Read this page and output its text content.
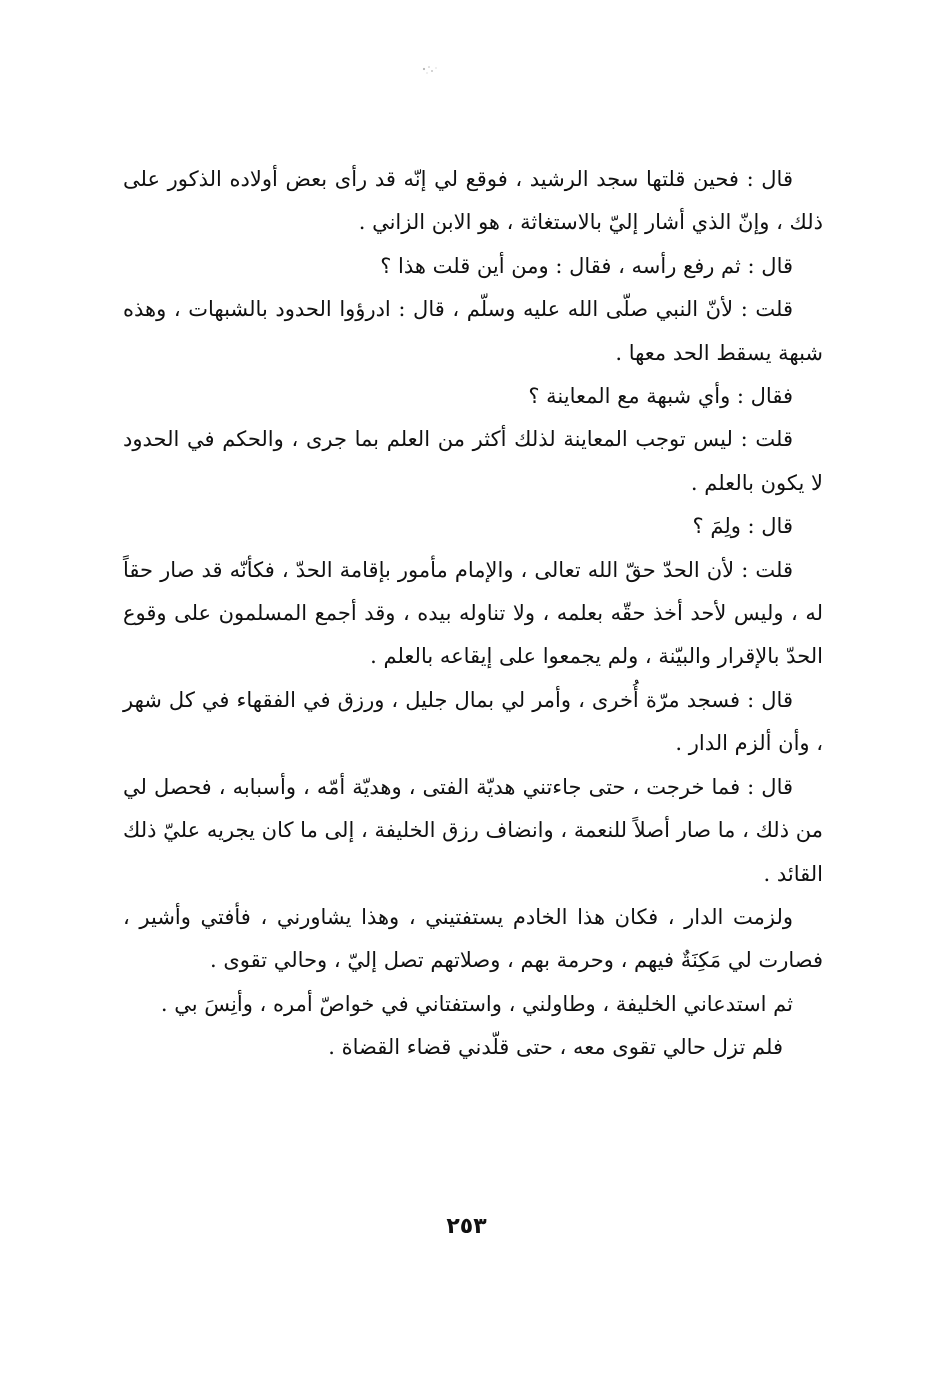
قال : فحين قلتها سجد الرشيد ، فوقع لي إنّه قد رأى بعض أولاده الذكور على ذلك ، وإنّ الذي أشار إليّ بالاستغاثة ، هو الابن الزاني .

قال : ثم رفع رأسه ، فقال : ومن أين قلت هذا ؟

قلت : لأنّ النبي صلّى الله عليه وسلّم ، قال : ادرؤوا الحدود بالشبهات ، وهذه شبهة يسقط الحد معها .

فقال : وأي شبهة مع المعاينة ؟

قلت : ليس توجب المعاينة لذلك أكثر من العلم بما جرى ، والحكم في الحدود لا يكون بالعلم .

قال : ولِمَ ؟

قلت : لأن الحدّ حقّ الله تعالى ، والإمام مأمور بإقامة الحدّ ، فكأنّه قد صار حقاً له ، وليس لأحد أخذ حقّه بعلمه ، ولا تناوله بيده ، وقد أجمع المسلمون على وقوع الحدّ بالإقرار والبيّنة ، ولم يجمعوا على إيقاعه بالعلم .

قال : فسجد مرّة أُخرى ، وأمر لي بمال جليل ، ورزق في الفقهاء في كل شهر ، وأن ألزم الدار .

قال : فما خرجت ، حتى جاءتني هديّة الفتى ، وهديّة أمّه ، وأسبابه ، فحصل لي من ذلك ، ما صار أصلاً للنعمة ، وانضاف رزق الخليفة ، إلى ما كان يجريه عليّ ذلك القائد .

ولزمت الدار ، فكان هذا الخادم يستفتيني ، وهذا يشاورني ، فأفتي وأشير ، فصارت لي مَكِنَةٌ فيهم ، وحرمة بهم ، وصلاتهم تصل إليّ ، وحالي تقوى .

ثم استدعاني الخليفة ، وطاولني ، واستفتاني في خواصّ أمره ، وأنِسَ بي .

فلم تزل حالي تقوى معه ، حتى قلّدني قضاء القضاة .

٢٥٣
